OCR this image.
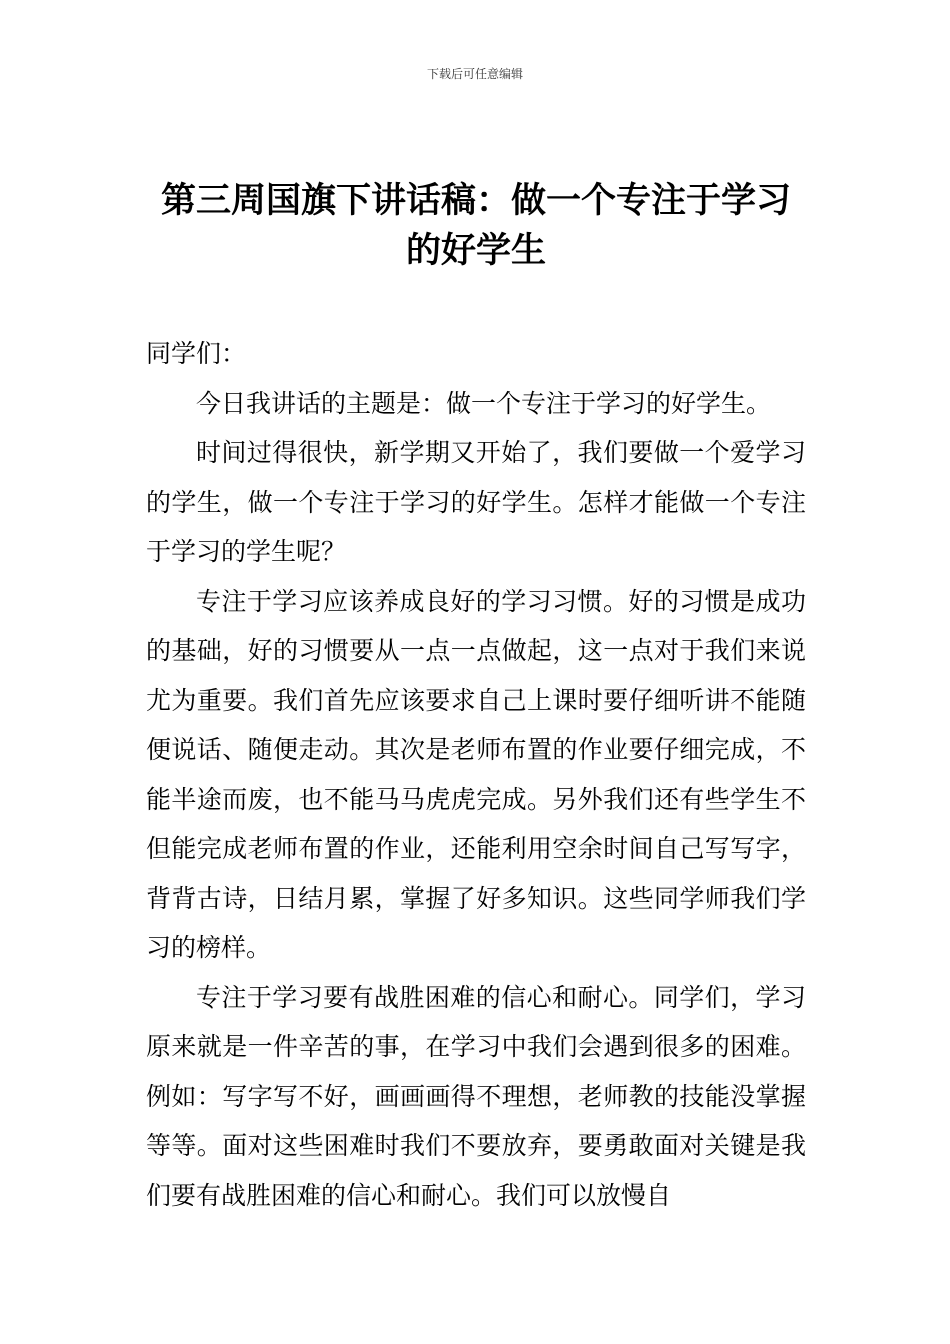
下载后可任意编辑
第三周国旗下讲话稿：做一个专注于学习
的好学生

同学们：

今日我讲话的主题是：做一个专注于学习的好学生。

时间过得很快，新学期又开始了，我们要做一个爱学习的学生，做一个专注于学习的好学生。怎样才能做一个专注于学习的学生呢？

专注于学习应该养成良好的学习习惯。好的习惯是成功的基础，好的习惯要从一点一点做起，这一点对于我们来说尤为重要。我们首先应该要求自己上课时要仔细听讲不能随便说话、随便走动。其次是老师布置的作业要仔细完成，不能半途而废，也不能马马虎虎完成。另外我们还有些学生不但能完成老师布置的作业，还能利用空余时间自己写写字，背背古诗，日结月累，掌握了好多知识。这些同学师我们学习的榜样。

专注于学习要有战胜困难的信心和耐心。同学们，学习原来就是一件辛苦的事，在学习中我们会遇到很多的困难。例如：写字写不好，画画画得不理想，老师教的技能没掌握等等。面对这些困难时我们不要放弃，要勇敢面对关键是我们要有战胜困难的信心和耐心。我们可以放慢自
